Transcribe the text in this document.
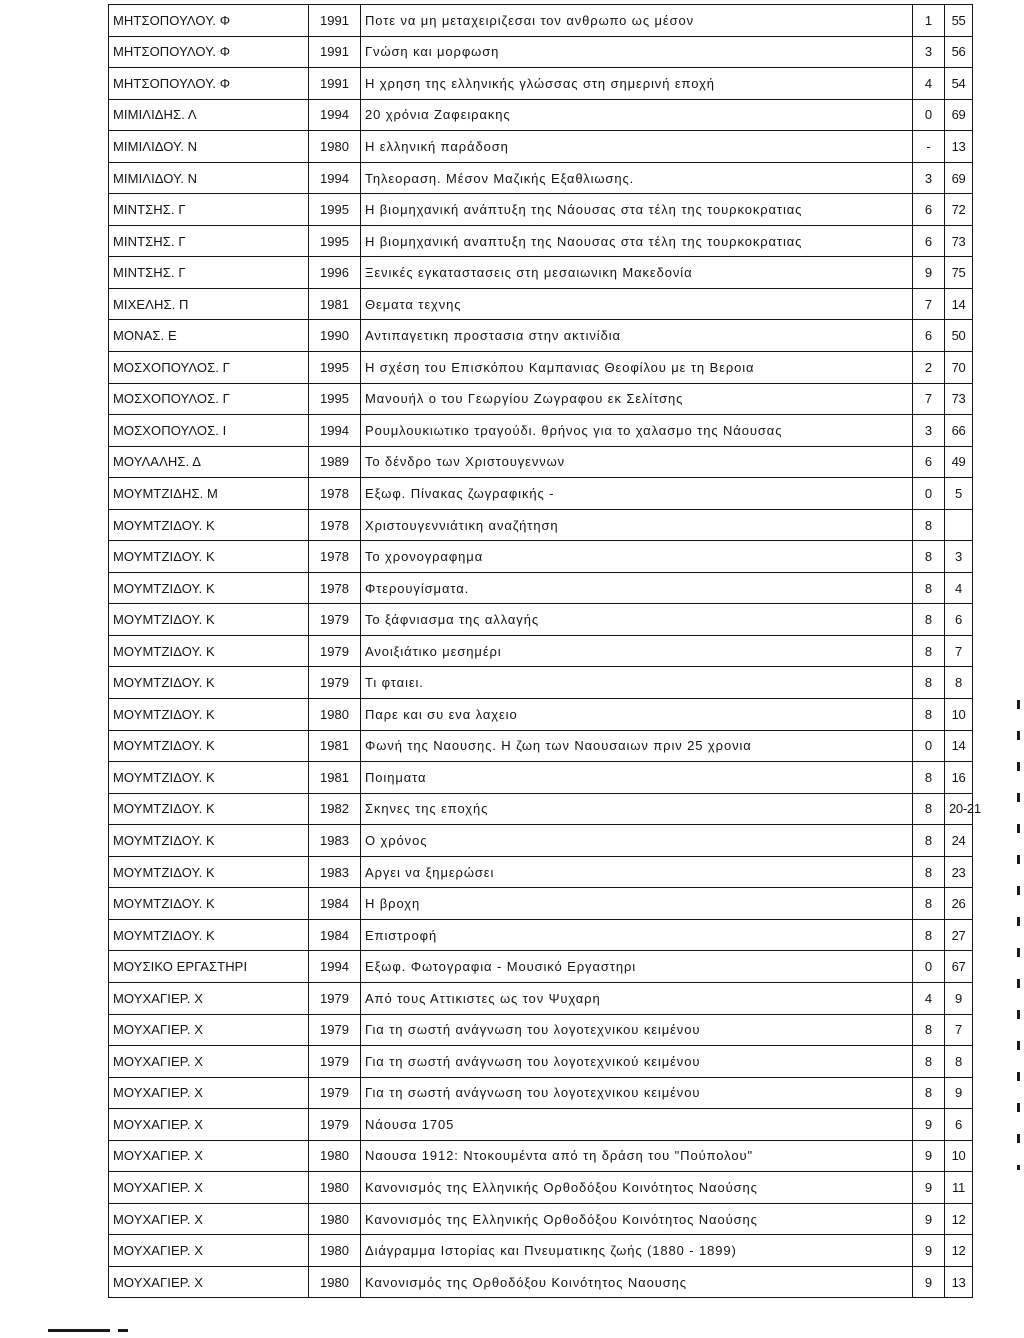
ΜΗΤΣΟΠΟΥΛΟΥ. Φ	1991	Ποτε να μη μεταχειριζεσαι τον ανθρωπο ως μέσον	1	55
ΜΗΤΣΟΠΟΥΛΟΥ. Φ	1991	Γνώση και μορφωση	3	56
ΜΗΤΣΟΠΟΥΛΟΥ. Φ	1991	Η χρηση της ελληνικής γλώσσας στη σημερινή εποχή	4	54
ΜΙΜΙΛΙΔΗΣ. Λ	1994	20 χρόνια Ζαφειρακης	0	69
ΜΙΜΙΛΙΔΟΥ. Ν	1980	Η ελληνική παράδοση	-	13
ΜΙΜΙΛΙΔΟΥ. Ν	1994	Τηλεοραση. Μέσον Μαζικής Εξαθλιωσης.	3	69
ΜΙΝΤΣΗΣ. Γ	1995	Η βιομηχανική ανάπτυξη της Νάουσας στα τέλη της τουρκοκρατιας	6	72
ΜΙΝΤΣΗΣ. Γ	1995	Η βιομηχανική αναπτυξη της Ναουσας στα τέλη της τουρκοκρατιας	6	73
ΜΙΝΤΣΗΣ. Γ	1996	Ξενικές εγκαταστασεις στη μεσαιωνικη Μακεδονία	9	75
ΜΙΧΕΛΗΣ. Π	1981	Θεματα τεχνης	7	14
ΜΟΝΑΣ. Ε	1990	Αντιπαγετικη προστασια στην ακτινίδια	6	50
ΜΟΣΧΟΠΟΥΛΟΣ. Γ	1995	Η σχέση του Επισκόπου Καμπανιας Θεοφίλου με τη Βεροια	2	70
ΜΟΣΧΟΠΟΥΛΟΣ. Γ	1995	Μανουήλ ο του Γεωργίου Ζωγραφου εκ Σελίτσης	7	73
ΜΟΣΧΟΠΟΥΛΟΣ. Ι	1994	Ρουμλουκιωτικο τραγούδι. θρήνος για το χαλασμο της Νάουσας	3	66
ΜΟΥΛΑΛΗΣ. Δ	1989	Το δένδρο των Χριστουγεννων	6	49
ΜΟΥΜΤΖΙΔΗΣ. Μ	1978	Εξωφ. Πίνακας ζωγραφικής -	0	5
ΜΟΥΜΤΖΙΔΟΥ. Κ	1978	Χριστουγεννιάτικη αναζήτηση	8	
ΜΟΥΜΤΖΙΔΟΥ. Κ	1978	Το χρονογραφημα	8	3
ΜΟΥΜΤΖΙΔΟΥ. Κ	1978	Φτερουγίσματα.	8	4
ΜΟΥΜΤΖΙΔΟΥ. Κ	1979	Το ξάφνιασμα της αλλαγής	8	6
ΜΟΥΜΤΖΙΔΟΥ. Κ	1979	Ανοιξιάτικο μεσημέρι	8	7
ΜΟΥΜΤΖΙΔΟΥ. Κ	1979	Τι φταιει.	8	8
ΜΟΥΜΤΖΙΔΟΥ. Κ	1980	Παρε και συ ενα λαχειο	8	10
ΜΟΥΜΤΖΙΔΟΥ. Κ	1981	Φωνή της Ναουσης. Η ζωη των Ναουσαιων πριν 25 χρονια	0	14
ΜΟΥΜΤΖΙΔΟΥ. Κ	1981	Ποιηματα	8	16
ΜΟΥΜΤΖΙΔΟΥ. Κ	1982	Σκηνες της εποχής	8	20-21
ΜΟΥΜΤΖΙΔΟΥ. Κ	1983	Ο χρόνος	8	24
ΜΟΥΜΤΖΙΔΟΥ. Κ	1983	Αργει να ξημερώσει	8	23
ΜΟΥΜΤΖΙΔΟΥ. Κ	1984	Η βροχη	8	26
ΜΟΥΜΤΖΙΔΟΥ. Κ	1984	Επιστροφή	8	27
ΜΟΥΣΙΚΟ ΕΡΓΑΣΤΗΡΙ	1994	Εξωφ. Φωτογραφια - Μουσικό Εργαστηρι	0	67
ΜΟΥΧΑΓΙΕΡ. Χ	1979	Από τους Αττικιστες ως τον Ψυχαρη	4	9
ΜΟΥΧΑΓΙΕΡ. Χ	1979	Για τη σωστή ανάγνωση του λογοτεχνικου κειμένου	8	7
ΜΟΥΧΑΓΙΕΡ. Χ	1979	Για τη σωστή ανάγνωση του λογοτεχνικού κειμένου	8	8
ΜΟΥΧΑΓΙΕΡ. Χ	1979	Για τη σωστή ανάγνωση του λογοτεχνικου κειμένου	8	9
ΜΟΥΧΑΓΙΕΡ. Χ	1979	Νάουσα 1705	9	6
ΜΟΥΧΑΓΙΕΡ. Χ	1980	Ναουσα 1912: Ντοκουμέντα από τη δράση του "Πούπολου"	9	10
ΜΟΥΧΑΓΙΕΡ. Χ	1980	Κανονισμός της Ελληνικής Ορθοδόξου Κοινότητος Ναούσης	9	11
ΜΟΥΧΑΓΙΕΡ. Χ	1980	Κανονισμός της Ελληνικής Ορθοδόξου Κοινότητος Ναούσης	9	12
ΜΟΥΧΑΓΙΕΡ. Χ	1980	Διάγραμμα Ιστορίας και Πνευματικης ζωής (1880 - 1899)	9	12
ΜΟΥΧΑΓΙΕΡ. Χ	1980	Κανονισμός της Ορθοδόξου Κοινότητος Ναουσης	9	13
